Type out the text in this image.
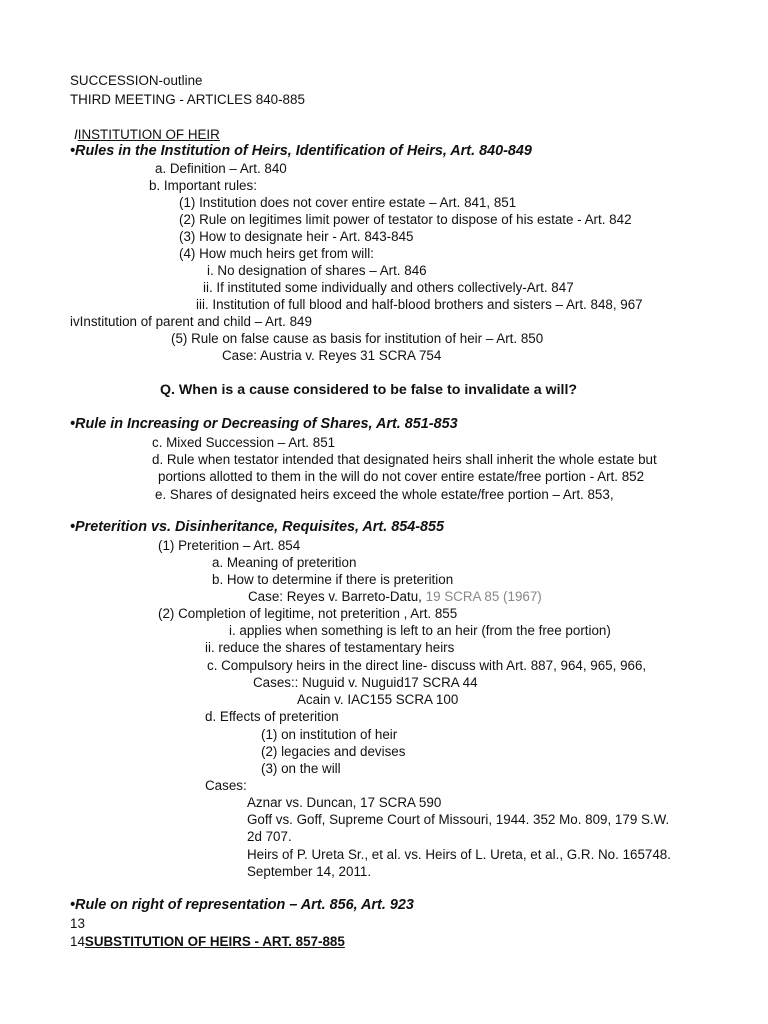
SUCCESSION-outline
THIRD MEETING - ARTICLES 840-885
IINSTITUTION OF HEIR
•Rules in the Institution of Heirs, Identification of Heirs, Art. 840-849
a. Definition – Art. 840
b. Important rules:
(1) Institution does not cover entire estate – Art. 841, 851
(2) Rule on legitimes limit power of testator to dispose of his estate - Art. 842
(3) How to designate heir - Art. 843-845
(4) How much heirs get from will:
i. No designation of shares – Art. 846
ii. If instituted some individually and others collectively-Art. 847
iii. Institution of full blood and half-blood brothers and sisters – Art. 848, 967
ivInstitution of parent and child – Art. 849
(5) Rule on false cause as basis for institution of heir – Art. 850
Case: Austria v. Reyes 31 SCRA 754
Q. When is a cause considered to be false to invalidate a will?
•Rule in Increasing or Decreasing of Shares, Art. 851-853
c. Mixed Succession – Art. 851
d. Rule when testator intended that designated heirs shall inherit the whole estate but
portions allotted to them in the will do not cover entire estate/free portion - Art. 852
e. Shares of designated heirs exceed the whole estate/free portion – Art. 853,
•Preterition vs. Disinheritance, Requisites, Art. 854-855
(1) Preterition – Art. 854
a. Meaning of preterition
b. How to determine if there is preterition
Case: Reyes v. Barreto-Datu, 19 SCRA 85 (1967)
(2) Completion of legitime, not preterition , Art. 855
i. applies when something is left to an heir (from the free portion)
ii. reduce the shares of testamentary heirs
c. Compulsory heirs in the direct line- discuss with Art. 887, 964, 965, 966,
Cases:: Nuguid v. Nuguid17 SCRA 44
Acain v. IAC155 SCRA 100
d. Effects of preterition
(1) on institution of heir
(2) legacies and devises
(3) on the will
Cases:
Aznar vs. Duncan, 17 SCRA 590
Goff vs. Goff, Supreme Court of Missouri, 1944. 352 Mo. 809, 179 S.W.
2d 707.
Heirs of P. Ureta Sr., et al. vs. Heirs of L. Ureta, et al., G.R. No. 165748.
September 14, 2011.
•Rule on right of representation – Art. 856, Art. 923
13
14SUBSTITUTION OF HEIRS - ART. 857-885
